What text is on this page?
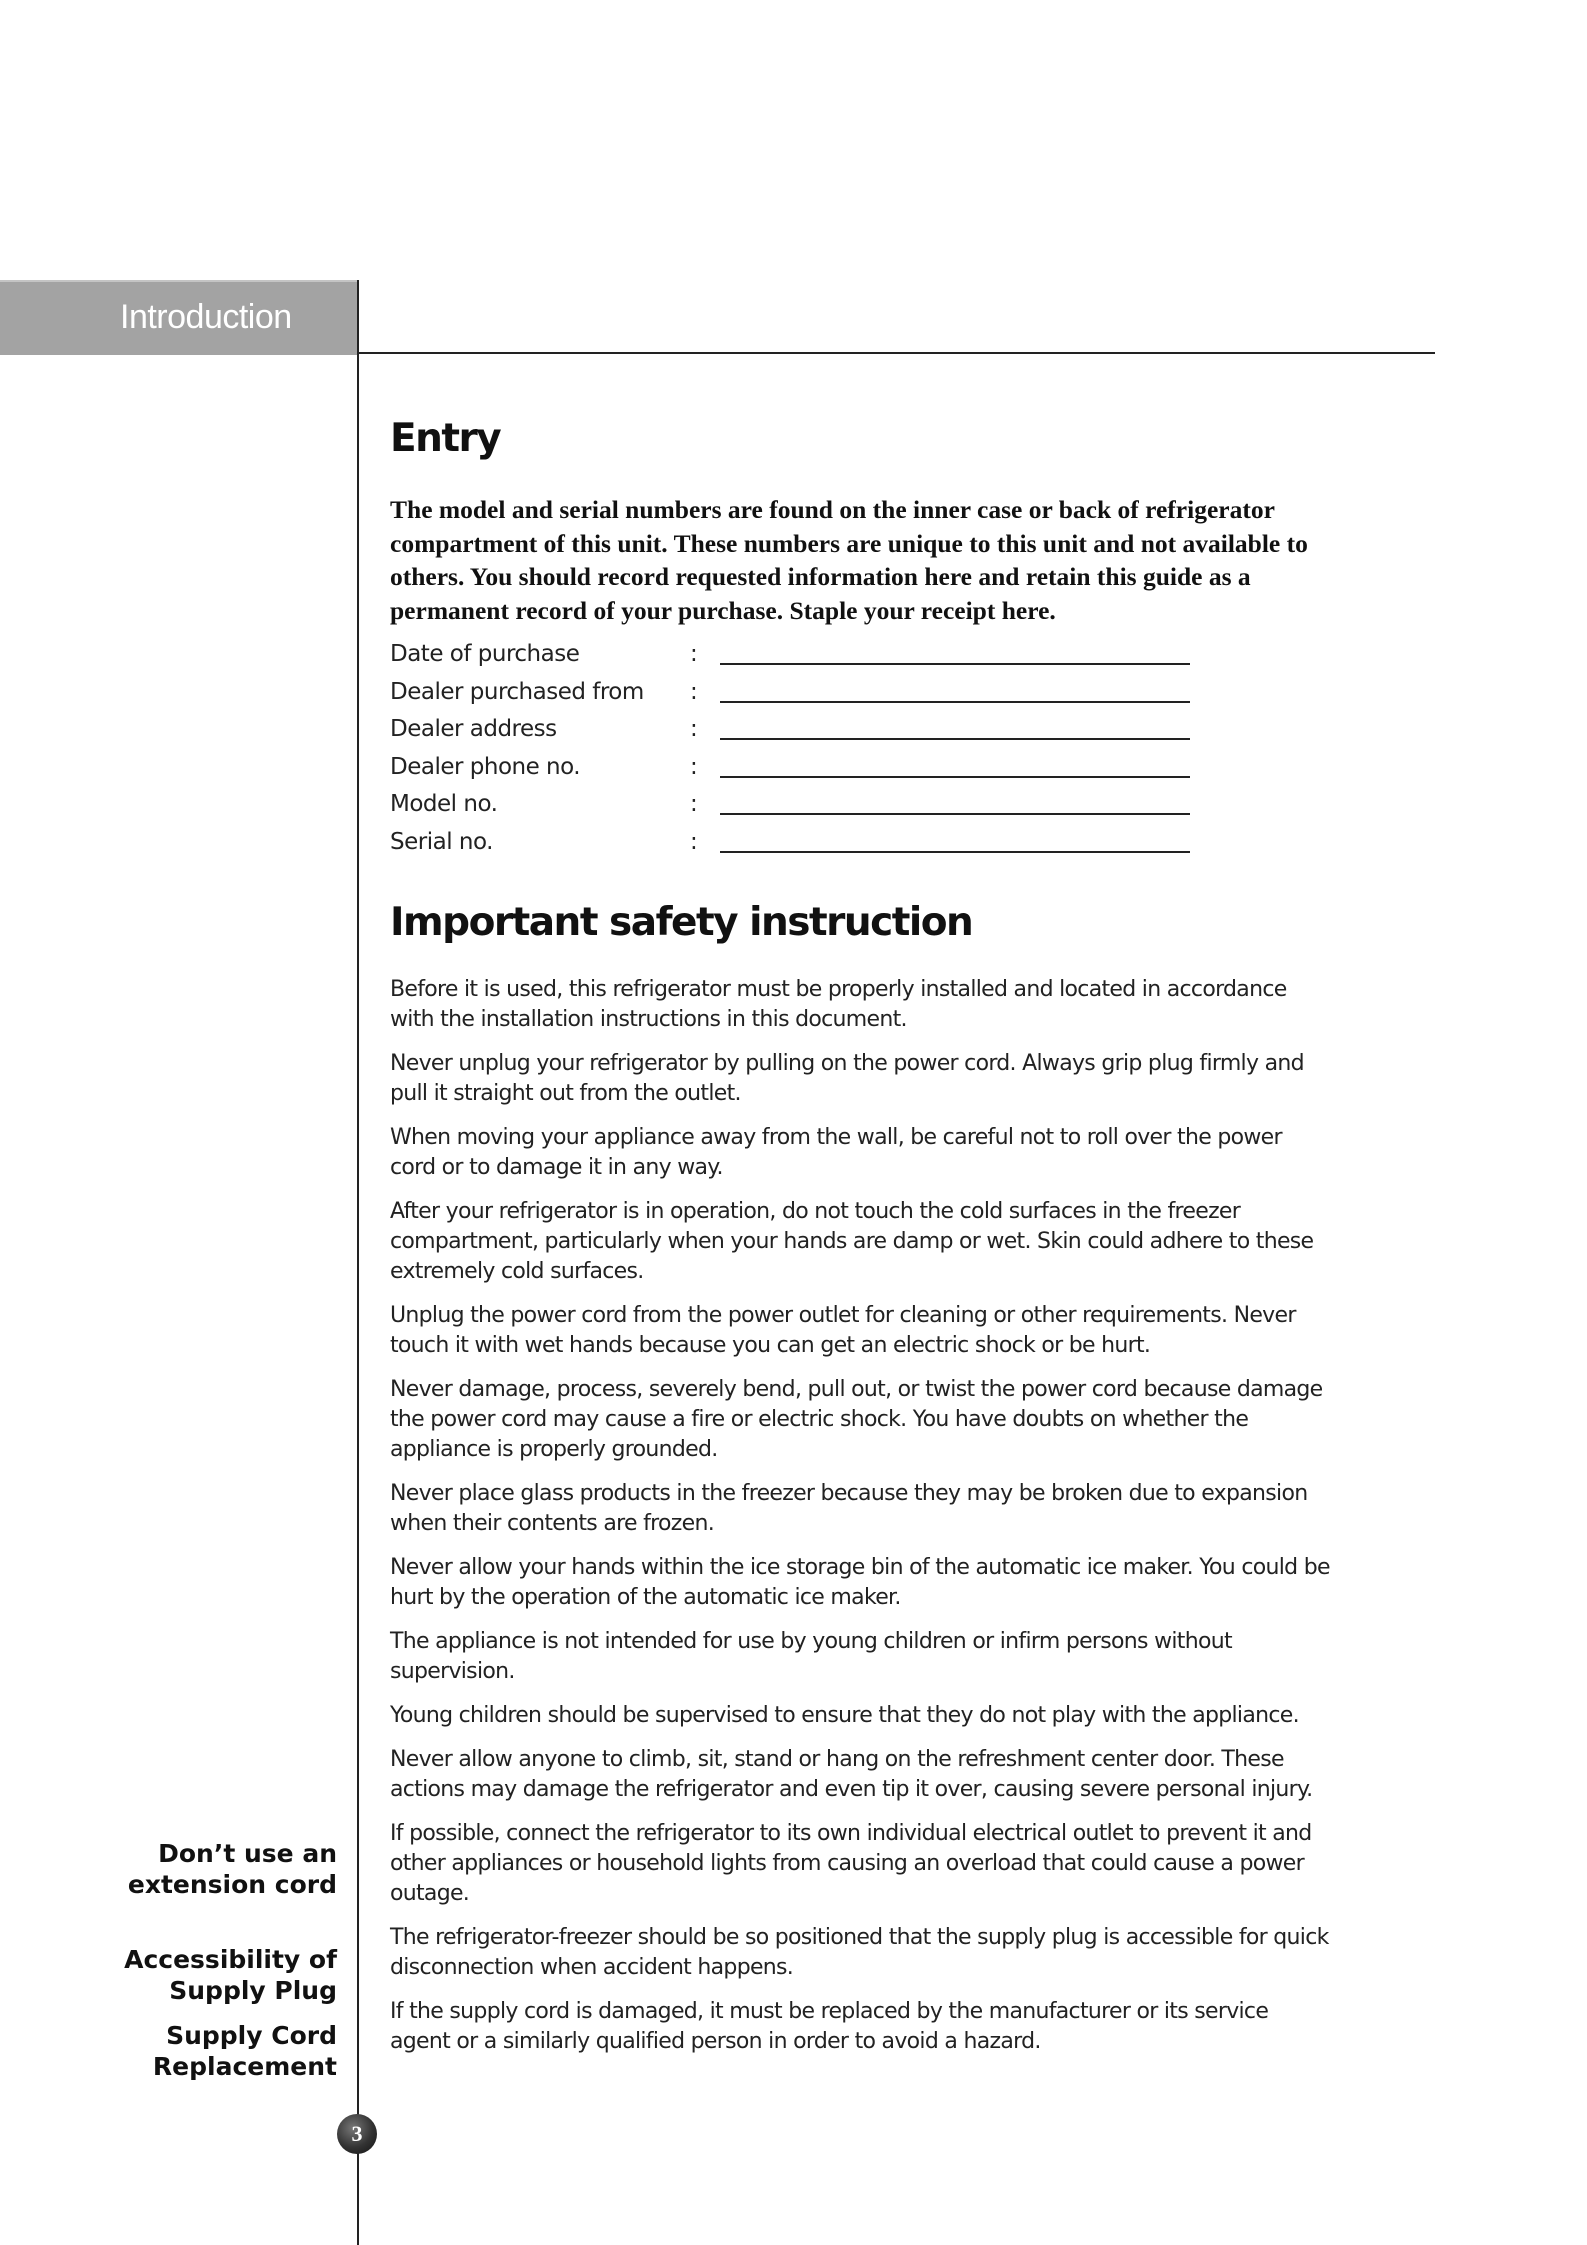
Introduction
Entry

The model and serial numbers are found on the inner case or back of refrigerator compartment of this unit. These numbers are unique to this unit and not available to others. You should record requested information here and retain this guide as a permanent record of your purchase. Staple your receipt here.

Date of purchase	:
Dealer purchased from :
Dealer address	:
Dealer phone no.	:
Model no.	:
Serial no.	:
Important safety instruction

Before it is used, this refrigerator must be properly installed and located in accordance with the installation instructions in this document.

Never unplug your refrigerator by pulling on the power cord. Always grip plug firmly and pull it straight out from the outlet.

When moving your appliance away from the wall, be careful not to roll over the power cord or to damage it in any way.

After your refrigerator is in operation, do not touch the cold surfaces in the freezer compartment, particularly when your hands are damp or wet. Skin could adhere to these extremely cold surfaces.

Unplug the power cord from the power outlet for cleaning or other requirements. Never touch it with wet hands because you can get an electric shock or be hurt.

Never damage, process, severely bend, pull out, or twist the power cord because damage the power cord may cause a fire or electric shock. You have doubts on whether the appliance is properly grounded.

Never place glass products in the freezer because they may be broken due to expansion when their contents are frozen.

Never allow your hands within the ice storage bin of the automatic ice maker. You could be hurt by the operation of the automatic ice maker.

The appliance is not intended for use by young children or infirm persons without supervision.

Young children should be supervised to ensure that they do not play with the appliance.

Never allow anyone to climb, sit, stand or hang on the refreshment center door. These actions may damage the refrigerator and even tip it over, causing severe personal injury.

If possible, connect the refrigerator to its own individual electrical outlet to prevent it and other appliances or household lights from causing an overload that could cause a power outage.

The refrigerator-freezer should be so positioned that the supply plug is accessible for quick disconnection when accident happens.

If the supply cord is damaged, it must be replaced by the manufacturer or its service agent or a similarly qualified person in order to avoid a hazard.

Don’t use an
extension cord
Accessibility of
Supply Plug
Supply Cord
Replacement
3
